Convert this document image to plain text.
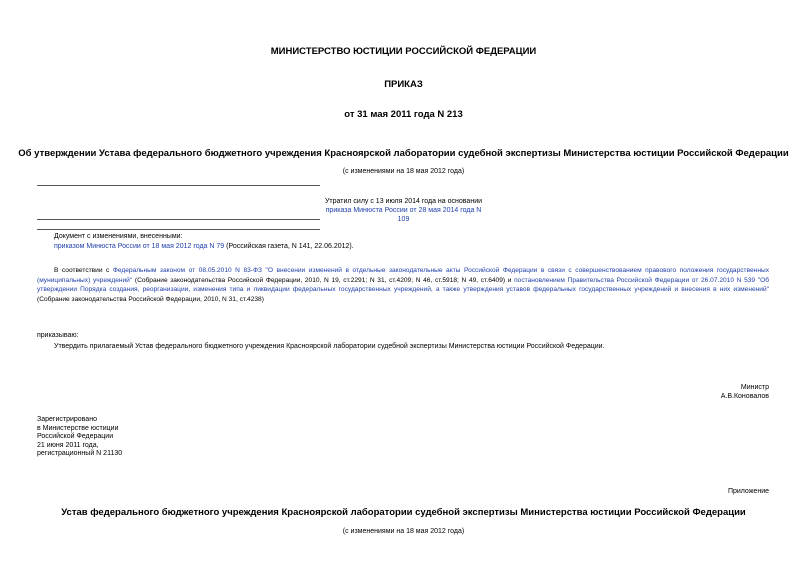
МИНИСТЕРСТВО ЮСТИЦИИ РОССИЙСКОЙ ФЕДЕРАЦИИ
ПРИКАЗ
от 31 мая 2011 года N 213
Об утверждении Устава федерального бюджетного учреждения Красноярской лаборатории судебной экспертизы Министерства юстиции Российской Федерации
(с изменениями на 18 мая 2012 года)
Утратил силу с 13 июля 2014 года на основании
приказа Минюста России от 28 мая 2014 года N 109
Документ с изменениями, внесенными:
приказом Минюста России от 18 мая 2012 года N 79 (Российская газета, N 141, 22.06.2012).
В соответствии с Федеральным законом от 08.05.2010 N 83-ФЗ "О внесении изменений в отдельные законодательные акты Российской Федерации в связи с совершенствованием правового положения государственных (муниципальных) учреждений" (Собрание законодательства Российской Федерации, 2010, N 19, ст.2291; N 31, ст.4209; N 46, ст.5918; N 49, ст.6409) и постановлением Правительства Российской Федерации от 26.07.2010 N 539 "Об утверждении Порядка создания, реорганизации, изменения типа и ликвидации федеральных государственных учреждений, а также утверждения уставов федеральных государственных учреждений и внесения в них изменений" (Собрание законодательства Российской Федерации, 2010, N 31, ст.4238)
приказываю:
Утвердить прилагаемый Устав федерального бюджетного учреждения Красноярской лаборатории судебной экспертизы Министерства юстиции Российской Федерации.
Министр
А.В.Коновалов
Зарегистрировано
в Министерстве юстиции
Российской Федерации
21 июня 2011 года,
регистрационный N 21130
Приложение
Устав федерального бюджетного учреждения Красноярской лаборатории судебной экспертизы Министерства юстиции Российской Федерации
(с изменениями на 18 мая 2012 года)
